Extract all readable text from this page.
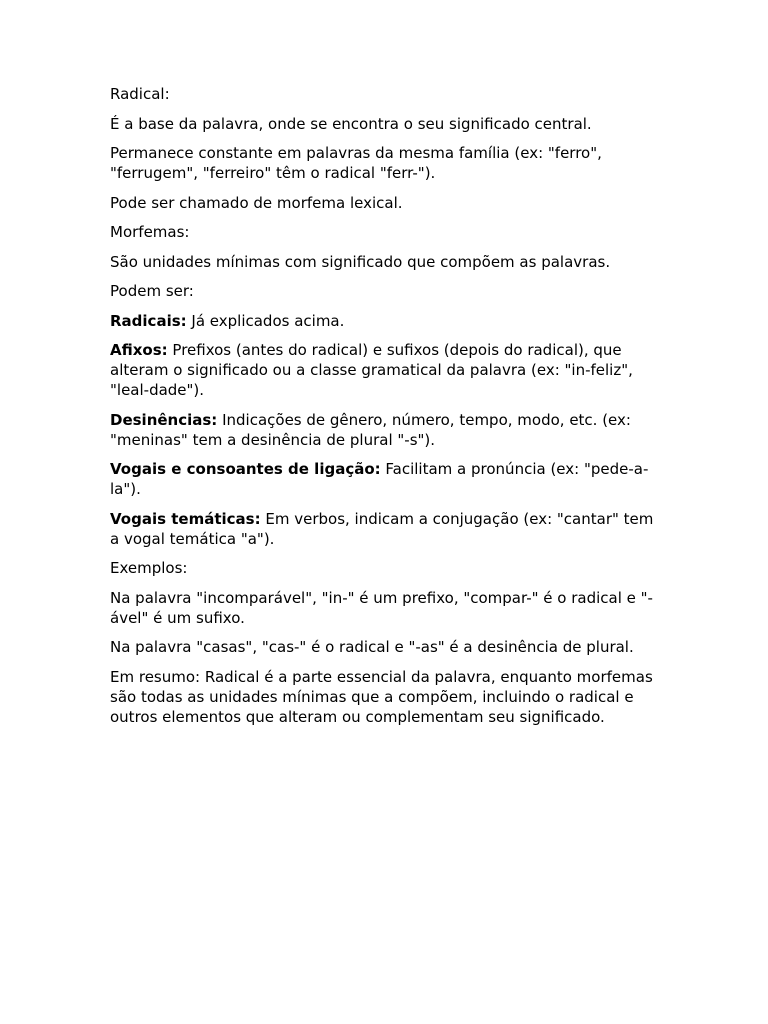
Radical:

É a base da palavra, onde se encontra o seu significado central.

Permanece constante em palavras da mesma família (ex: "ferro", "ferrugem", "ferreiro" têm o radical "ferr-").

Pode ser chamado de morfema lexical.

Morfemas:

São unidades mínimas com significado que compõem as palavras.

Podem ser:

Radicais: Já explicados acima.

Afixos: Prefixos (antes do radical) e sufixos (depois do radical), que alteram o significado ou a classe gramatical da palavra (ex: "in-feliz", "leal-dade").

Desinências: Indicações de gênero, número, tempo, modo, etc. (ex: "meninas" tem a desinência de plural "-s").

Vogais e consoantes de ligação: Facilitam a pronúncia (ex: "pede-a-la").

Vogais temáticas: Em verbos, indicam a conjugação (ex: "cantar" tem a vogal temática "a").

Exemplos:

Na palavra "incomparável", "in-" é um prefixo, "compar-" é o radical e "-ável" é um sufixo.

Na palavra "casas", "cas-" é o radical e "-as" é a desinência de plural.

Em resumo: Radical é a parte essencial da palavra, enquanto morfemas são todas as unidades mínimas que a compõem, incluindo o radical e outros elementos que alteram ou complementam seu significado.
